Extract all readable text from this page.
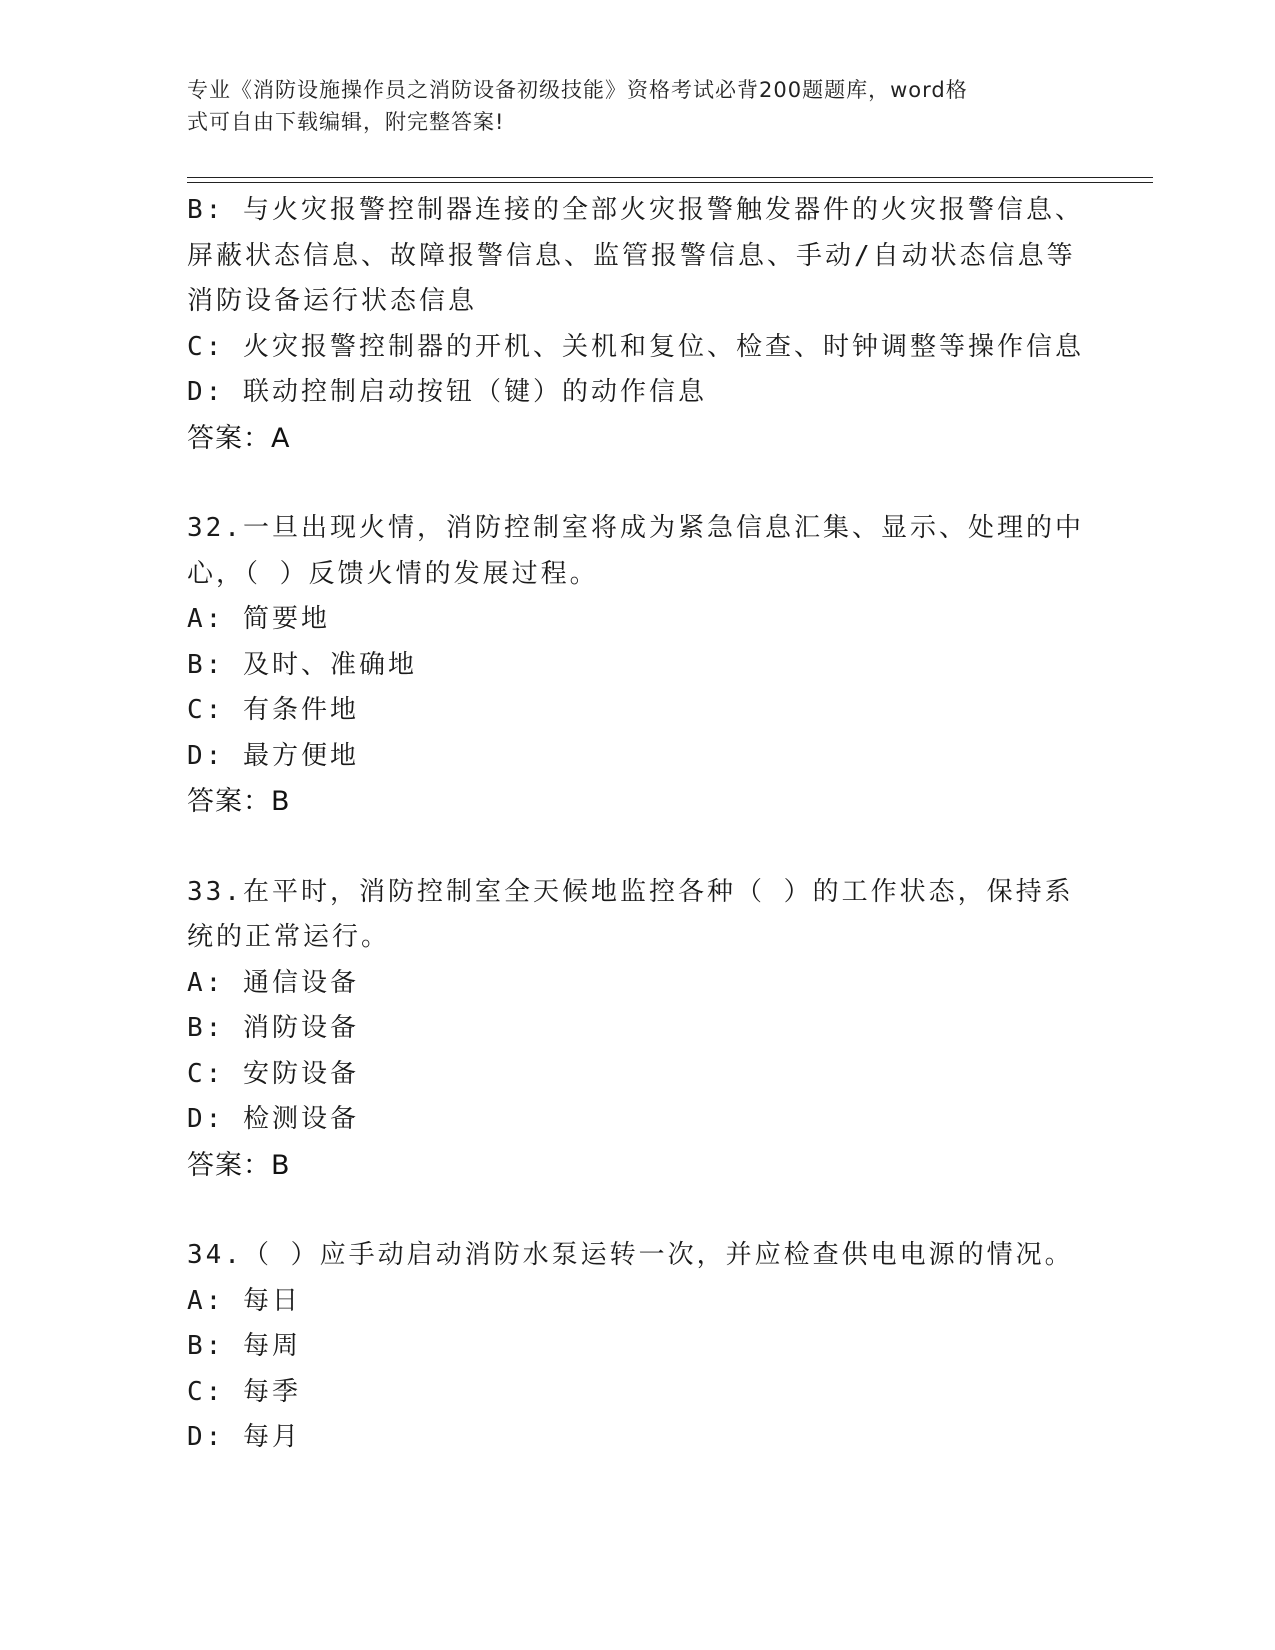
专业《消防设施操作员之消防设备初级技能》资格考试必背200题题库，word格
式可自由下载编辑，附完整答案!
B: 与火灾报警控制器连接的全部火灾报警触发器件的火灾报警信息、
屏蔽状态信息、故障报警信息、监管报警信息、手动/自动状态信息等
消防设备运行状态信息
C: 火灾报警控制器的开机、关机和复位、检查、时钟调整等操作信息
D: 联动控制启动按钮（键）的动作信息
答案：A
32.一旦出现火情，消防控制室将成为紧急信息汇集、显示、处理的中
心，（ ）反馈火情的发展过程。
A: 简要地
B: 及时、准确地
C: 有条件地
D: 最方便地
答案：B
33.在平时，消防控制室全天候地监控各种（ ）的工作状态，保持系
统的正常运行。
A: 通信设备
B: 消防设备
C: 安防设备
D: 检测设备
答案：B
34.（ ）应手动启动消防水泵运转一次，并应检查供电电源的情况。
A: 每日
B: 每周
C: 每季
D: 每月
